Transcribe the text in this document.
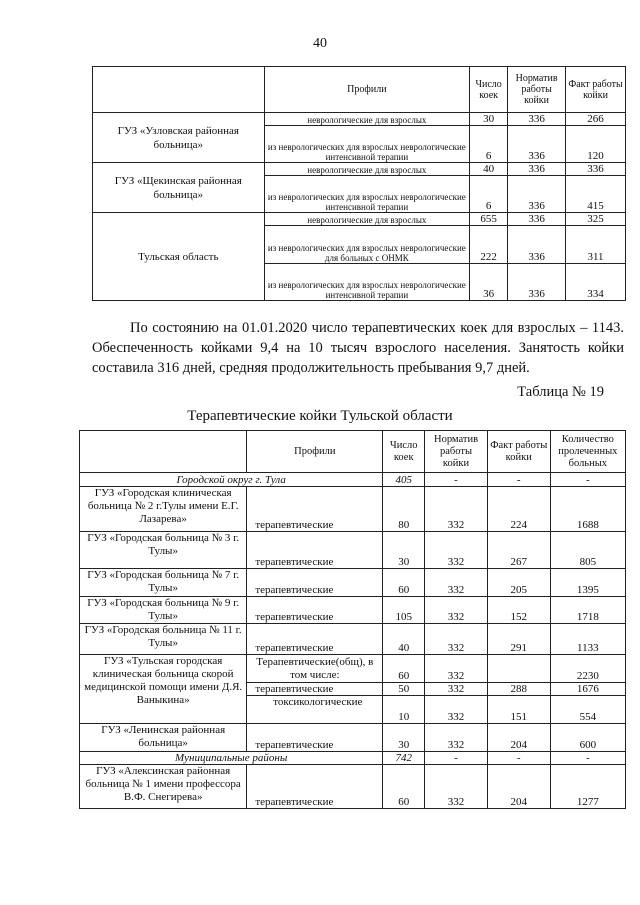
40
	Профили	Число коек	Норматив работы койки	Факт работы койки
ГУЗ «Узловская районная больница»	неврологические для взрослых	30	336	266
	из неврологических для взрослых неврологические интенсивной терапии	6	336	120
ГУЗ «Щекинская районная больница»	неврологические для взрослых	40	336	336
	из неврологических для взрослых неврологические интенсивной терапии	6	336	415
Тульская область	неврологические для взрослых	655	336	325
	из неврологических для взрослых неврологические для больных с ОНМК	222	336	311
	из неврологических для взрослых неврологические интенсивной терапии	36	336	334

По состоянию на 01.01.2020 число терапевтических коек для взрослых – 1143. Обеспеченность койками 9,4 на 10 тысяч взрослого населения. Занятость койки составила 316 дней, средняя продолжительность пребывания 9,7 дней.

Таблица № 19
Терапевтические койки Тульской области
	Профили	Число коек	Норматив работы койки	Факт работы койки	Количество пролеченных больных
Городской округ г. Тула		405	-	-	-
ГУЗ «Городская клиническая больница № 2 г.Тулы имени Е.Г. Лазарева»	терапевтические	80	332	224	1688
ГУЗ «Городская больница № 3 г. Тулы»	терапевтические	30	332	267	805
ГУЗ «Городская больница № 7 г. Тулы»	терапевтические	60	332	205	1395
ГУЗ «Городская больница № 9 г. Тулы»	терапевтические	105	332	152	1718
ГУЗ «Городская больница № 11 г. Тулы»	терапевтические	40	332	291	1133
ГУЗ «Тульская городская клиническая больница скорой медицинской помощи имени Д.Я. Ваныкина»	Терапевтические(общ), в том числе:	60	332		2230
	терапевтические	50	332	288	1676
	токсикологические	10	332	151	554
ГУЗ «Ленинская районная больница»	терапевтические	30	332	204	600
Муниципальные районы		742	-	-	-
ГУЗ «Алексинская районная больница № 1 имени профессора В.Ф. Снегирева»	терапевтические	60	332	204	1277
